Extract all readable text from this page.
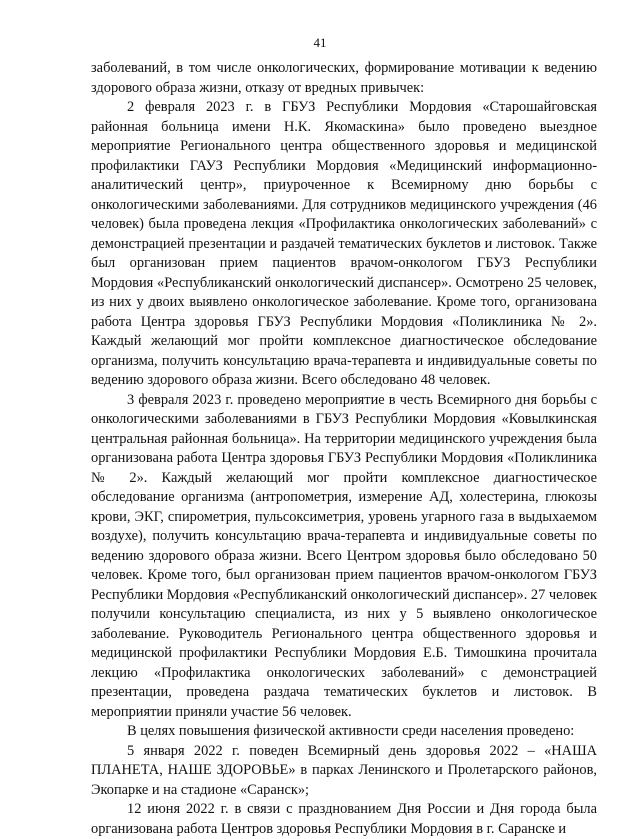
41

заболеваний, в том числе онкологических, формирование мотивации к ведению здорового образа жизни, отказу от вредных привычек:

2 февраля 2023 г. в ГБУЗ Республики Мордовия «Старошайговская районная больница имени Н.К. Якомаскина» было проведено выездное мероприятие Регионального центра общественного здоровья и медицинской профилактики ГАУЗ Республики Мордовия «Медицинский информационно-аналитический центр», приуроченное к Всемирному дню борьбы с онкологическими заболеваниями. Для сотрудников медицинского учреждения (46 человек) была проведена лекция «Профилактика онкологических заболеваний» с демонстрацией презентации и раздачей тематических буклетов и листовок. Также был организован прием пациентов врачом-онкологом ГБУЗ Республики Мордовия «Республиканский онкологический диспансер». Осмотрено 25 человек, из них у двоих выявлено онкологическое заболевание. Кроме того, организована работа Центра здоровья ГБУЗ Республики Мордовия «Поликлиника № 2». Каждый желающий мог пройти комплексное диагностическое обследование организма, получить консультацию врача-терапевта и индивидуальные советы по ведению здорового образа жизни. Всего обследовано 48 человек.

3 февраля 2023 г. проведено мероприятие в честь Всемирного дня борьбы с онкологическими заболеваниями в ГБУЗ Республики Мордовия «Ковылкинская центральная районная больница». На территории медицинского учреждения была организована работа Центра здоровья ГБУЗ Республики Мордовия «Поликлиника № 2». Каждый желающий мог пройти комплексное диагностическое обследование организма (антропометрия, измерение АД, холестерина, глюкозы крови, ЭКГ, спирометрия, пульсоксиметрия, уровень угарного газа в выдыхаемом воздухе), получить консультацию врача-терапевта и индивидуальные советы по ведению здорового образа жизни. Всего Центром здоровья было обследовано 50 человек. Кроме того, был организован прием пациентов врачом-онкологом ГБУЗ Республики Мордовия «Республиканский онкологический диспансер». 27 человек получили консультацию специалиста, из них у 5 выявлено онкологическое заболевание. Руководитель Регионального центра общественного здоровья и медицинской профилактики Республики Мордовия Е.Б. Тимошкина прочитала лекцию «Профилактика онкологических заболеваний» с демонстрацией презентации, проведена раздача тематических буклетов и листовок. В мероприятии приняли участие 56 человек.

В целях повышения физической активности среди населения проведено:

5 января 2022 г. поведен Всемирный день здоровья 2022 – «НАША ПЛАНЕТА, НАШЕ ЗДОРОВЬЕ» в парках Ленинского и Пролетарского районов, Экопарке и на стадионе «Саранск»;

12 июня 2022 г. в связи с празднованием Дня России и Дня города была организована работа Центров здоровья Республики Мордовия в г. Саранске и
